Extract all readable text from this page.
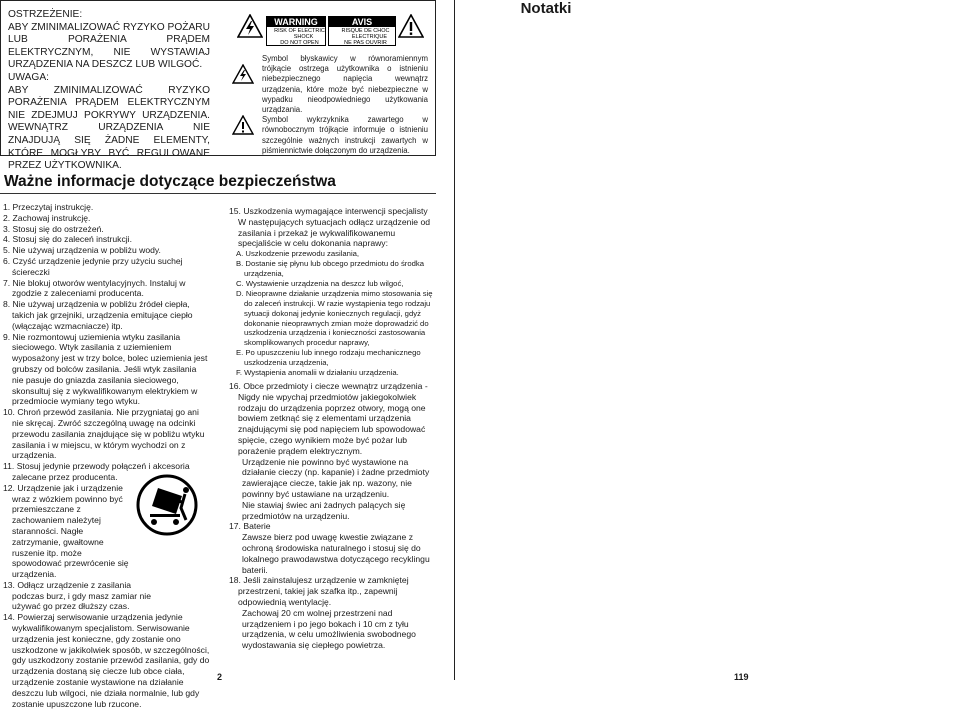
OSTRZEŻENIE:

ABY ZMINIMALIZOWAĆ RYZYKO POŻARU LUB PORAŻENIA PRĄDEM ELEKTRYCZNYM, NIE WYSTAWIAJ URZĄDZENIA NA DESZCZ LUB WILGOĆ.

UWAGA:

ABY ZMINIMALIZOWAĆ RYZYKO PORAŻENIA PRĄDEM ELEKTRYCZNYM NIE ZDEJMUJ POKRYWY URZĄDZENIA. WEWNĄTRZ URZĄDZENIA NIE ZNAJDUJĄ SIĘ ŻADNE ELEMENTY, KTÓRE MOGŁYBY BYĆ REGULOWANE PRZEZ UŻYTKOWNIKA.

WARNING
RISK OF ELECTRIC SHOCK
DO NOT OPEN
AVIS
RISQUE DE CHOC ELECTRIQUE
NE PAS OUVRIR

Symbol błyskawicy w równoramiennym trójkącie ostrzega użytkownika o istnieniu niebezpiecznego napięcia wewnątrz urządzenia, które może być niebezpieczne w wypadku nieodpowiedniego użytkowania urządzania.

Symbol wykrzyknika zawartego w równobocznym trójkącie informuje o istnieniu szczególnie ważnych instrukcji zawartych w piśmiennictwie dołączonym do urządzenia.

Notatki
Ważne informacje dotyczące bezpieczeństwa

1. Przeczytaj instrukcję.

2. Zachowaj instrukcję.

3. Stosuj się do ostrzeżeń.

4. Stosuj się do zaleceń instrukcji.

5. Nie używaj urządzenia w pobliżu wody.

6. Czyść urządzenie jedynie przy użyciu suchej ściereczki

7. Nie blokuj otworów wentylacyjnych. Instaluj w zgodzie z zaleceniami producenta.

8. Nie używaj urządzenia w pobliżu źródeł ciepła, takich jak grzejniki, urządzenia emitujące ciepło (włączając wzmacniacze) itp.

9. Nie rozmontowuj uziemienia wtyku zasilania sieciowego. Wtyk zasilania z uziemieniem wyposażony jest w trzy bolce, bolec uziemienia jest grubszy od bolców zasilania. Jeśli wtyk zasilania nie pasuje do gniazda zasilania sieciowego, skonsultuj się z wykwalifikowanym elektrykiem w przedmiocie wymiany tego wtyku.

10. Chroń przewód zasilania. Nie przygniataj go ani nie skręcaj. Zwróć szczególną uwagę na odcinki przewodu zasilania znajdujące się w pobliżu wtyku zasilania i w miejscu, w którym wychodzi on z urządzenia.

11. Stosuj jedynie przewody połączeń i akcesoria zalecane przez producenta.

12. Urządzenie jak i urządzenie wraz z wózkiem powinno być przemieszczane z zachowaniem należytej staranności. Nagłe zatrzymanie, gwałtowne ruszenie itp. może spowodować przewrócenie się urządzenia.

13. Odłącz urządzenie z zasilania podczas burz, i gdy masz zamiar nie używać go przez dłuższy czas.

14. Powierzaj serwisowanie urządzenia jedynie wykwalifikowanym specjalistom. Serwisowanie urządzenia jest konieczne, gdy zostanie ono uszkodzone w jakikolwiek sposób, w szczególności, gdy uszkodzony zostanie przewód zasilania, gdy do urządzenia dostaną się ciecze lub obce ciała, urządzenie zostanie wystawione na działanie deszczu lub wilgoci, nie działa normalnie, lub gdy zostanie upuszczone lub rzucone.

15. Uszkodzenia wymagające interwencji specjalisty W następujących sytuacjach odłącz urządzenie od zasilania i przekaż je wykwalifikowanemu specjaliście w celu dokonania naprawy:

A. Uszkodzenie przewodu zasilania,

B. Dostanie się płynu lub obcego przedmiotu do środka urządzenia,

C. Wystawienie urządzenia na deszcz lub wilgoć,

D. Nieoprawne działanie urządzenia mimo stosowania się do zaleceń instrukcji. W razie wystąpienia tego rodzaju sytuacji dokonaj jedynie koniecznych regulacji, gdyż dokonanie nieoprawnych zmian może doprowadzić do uszkodzenia urządzenia i konieczności zastosowania skomplikowanych procedur naprawy,

E. Po upuszczeniu lub innego rodzaju mechanicznego uszkodzenia urządzenia,

F. Wystąpienia anomalii w działaniu urządzenia.

16. Obce przedmioty i ciecze wewnątrz urządzenia - Nigdy nie wpychaj przedmiotów jakiegokolwiek rodzaju do urządzenia poprzez otwory, mogą one bowiem zetknąć się z elementami urządzenia znajdującymi się pod napięciem lub spowodować spięcie, czego wynikiem może być pożar lub porażenie prądem elektrycznym.

Urządzenie nie powinno być wystawione na działanie cieczy (np. kapanie) i żadne przedmioty zawierające ciecze, takie jak np. wazony, nie powinny być ustawiane na urządzeniu.

Nie stawiaj świec ani żadnych palących się przedmiotów na urządzeniu.

17. Baterie

Zawsze bierz pod uwagę kwestie związane z ochroną środowiska naturalnego i stosuj się do lokalnego prawodawstwa dotyczącego recyklingu baterii.

18. Jeśli zainstalujesz urządzenie w zamkniętej przestrzeni, takiej jak szafka itp., zapewnij odpowiednią wentylację.

Zachowaj 20 cm wolnej przestrzeni nad urządzeniem i po jego bokach i 10 cm z tyłu urządzenia, w celu umożliwienia swobodnego wydostawania się ciepłego powietrza.

2	119
